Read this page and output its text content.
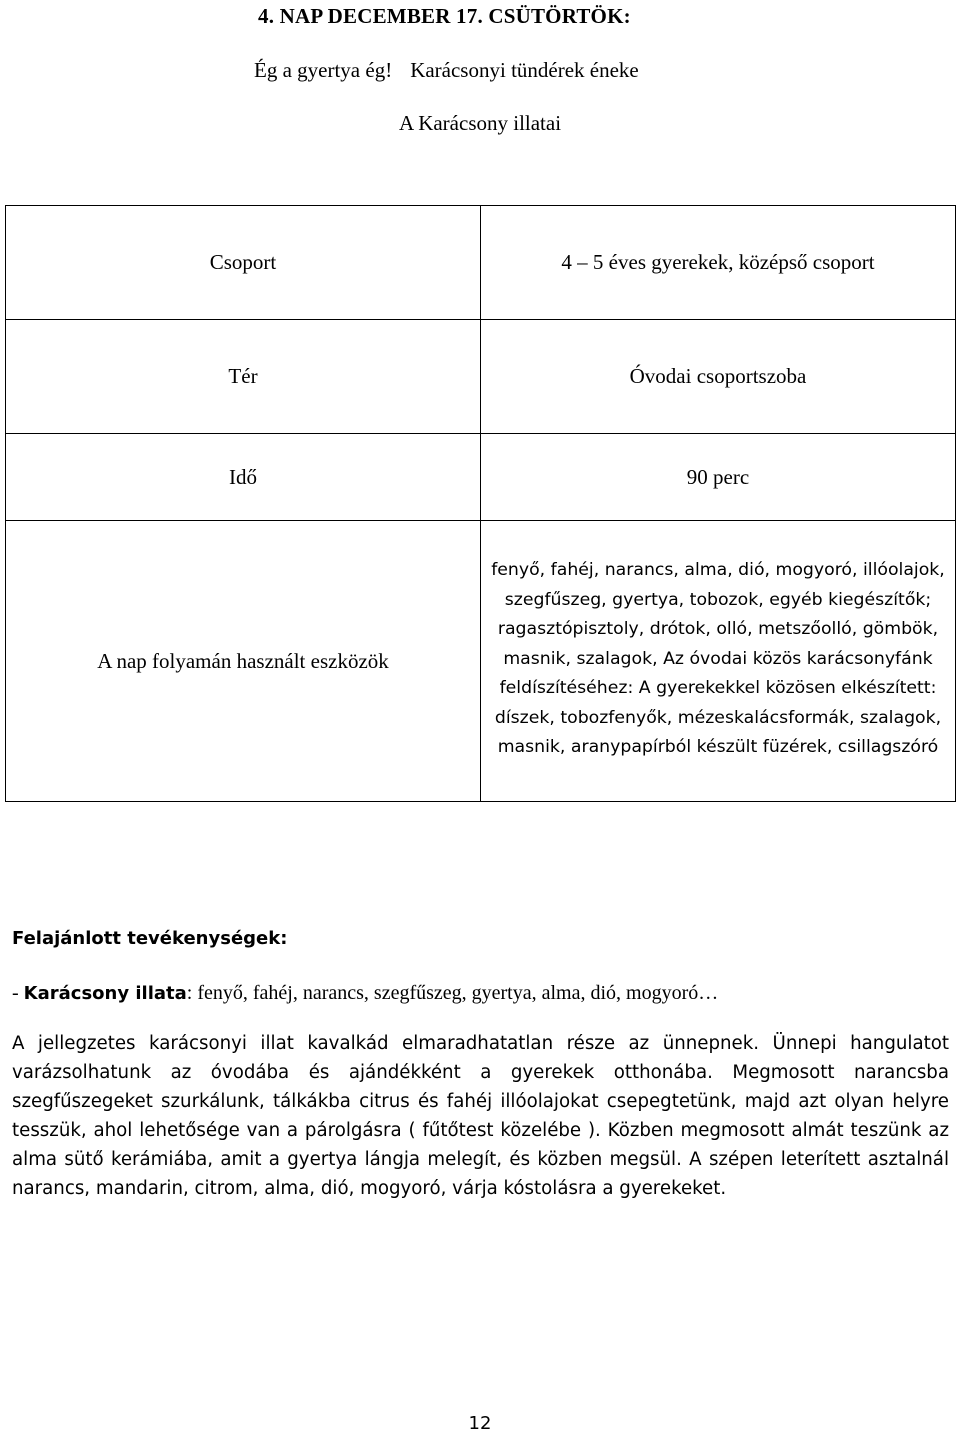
4. NAP DECEMBER 17. CSÜTÖRTÖK:
Ég a gyertya ég! Karácsonyi tündérek éneke
A Karácsony illatai
Csoport	4 – 5 éves gyerekek, középső csoport
Tér	Óvodai csoportszoba
Idő	90 perc
A nap folyamán használt eszközök	fenyő, fahéj, narancs, alma, dió, mogyoró, illóolajok, szegfűszeg, gyertya, tobozok, egyéb kiegészítők; ragasztópisztoly, drótok, olló, metszőolló, gömbök, masnik, szalagok, Az óvodai közös karácsonyfánk feldíszítéséhez: A gyerekekkel közösen elkészített: díszek, tobozfenyők, mézeskalácsformák, szalagok, masnik, aranypapírból készült füzérek, csillagszóró
Felajánlott tevékenységek:
- Karácsony illata: fenyő, fahéj, narancs, szegfűszeg, gyertya, alma, dió, mogyoró…
A jellegzetes karácsonyi illat kavalkád elmaradhatatlan része az ünnepnek. Ünnepi hangulatot varázsolhatunk az óvodába és ajándékként a gyerekek otthonába. Megmosott narancsba szegfűszegeket szurkálunk, tálkákba citrus és fahéj illóolajokat csepegtetünk, majd azt olyan helyre tesszük, ahol lehetősége van a párolgásra ( fűtőtest közelébe ). Közben megmosott almát teszünk az alma sütő kerámiába, amit a gyertya lángja melegít, és közben megsül. A szépen leterített asztalnál narancs, mandarin, citrom, alma, dió, mogyoró, várja kóstolásra a gyerekeket.
12
